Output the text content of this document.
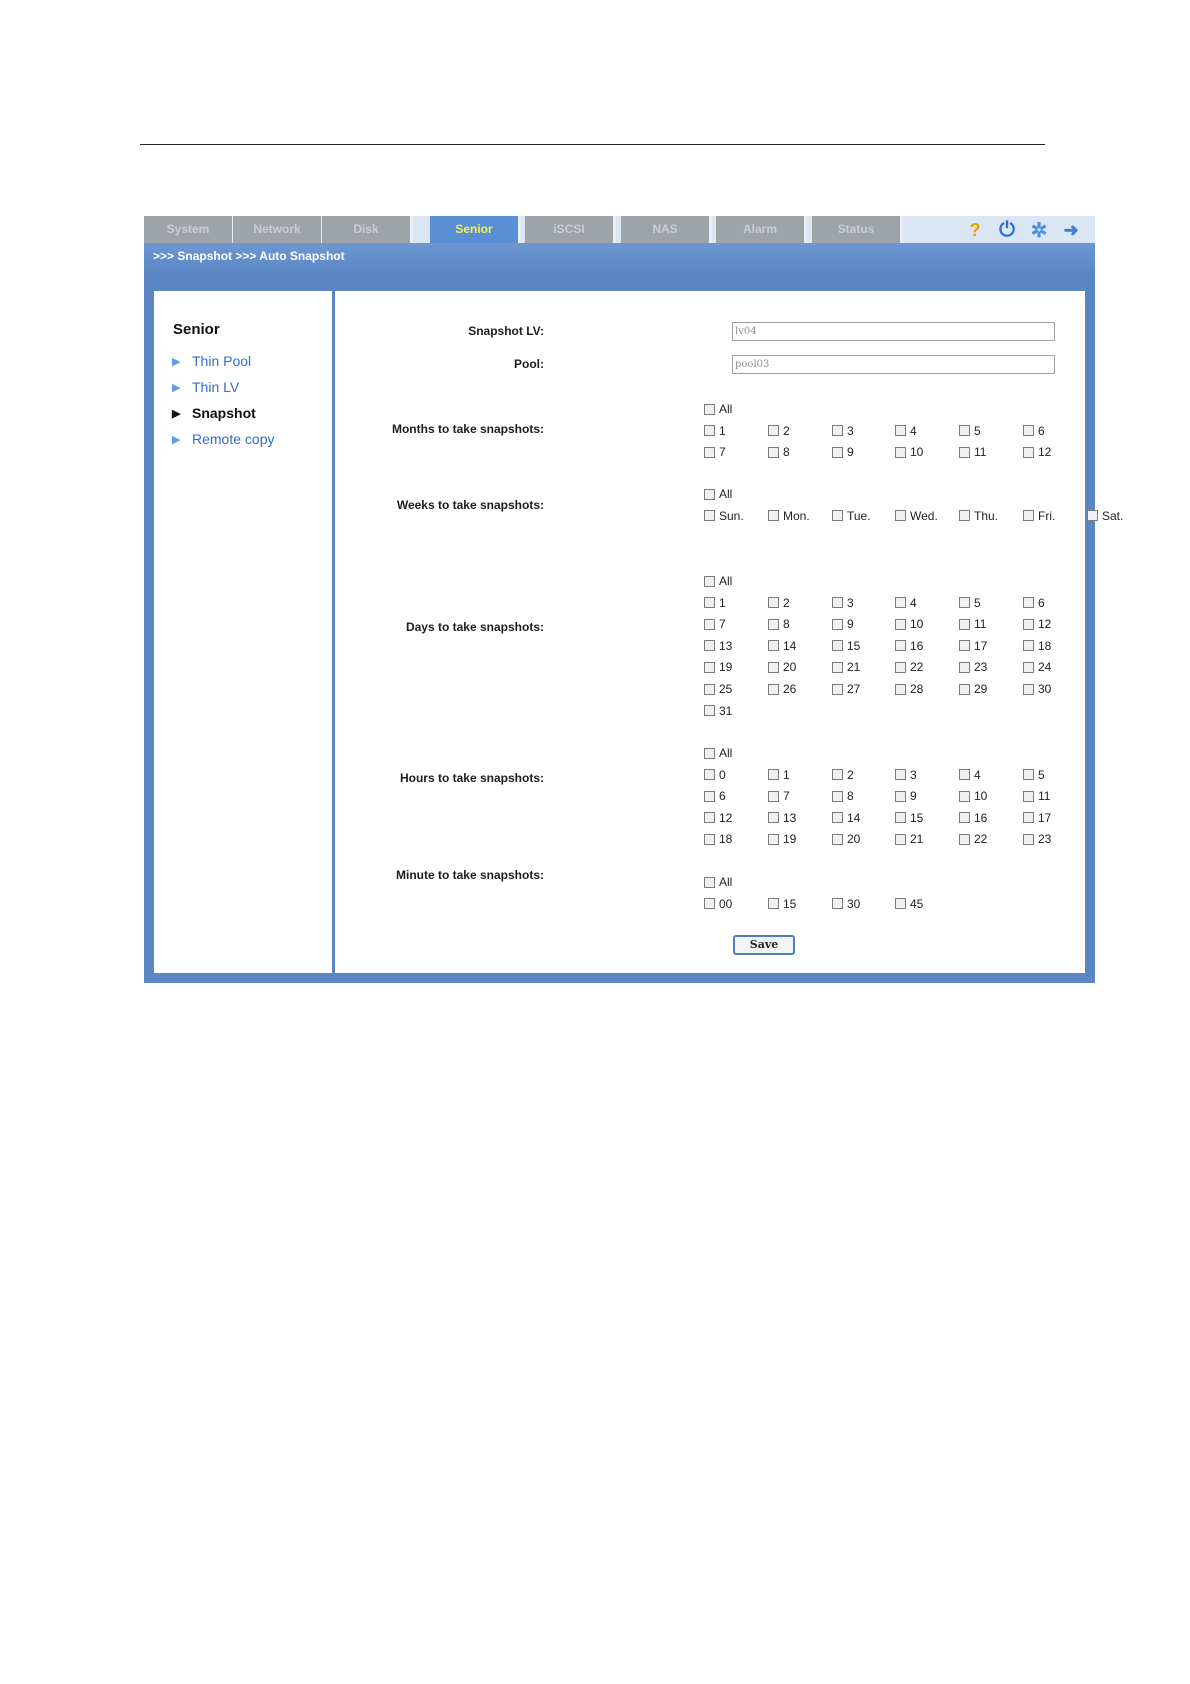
System	Network	Disk	Senior	iSCSI	NAS	Alarm	Status	? ⏻ ✲ ➜
>>> Snapshot >>> Auto Snapshot
Senior
▶ Thin Pool
▶ Thin LV
▶ Snapshot
▶ Remote copy
Snapshot LV:
lv04
Pool:
pool03
Months to take snapshots:
All
1	2	3	4	5	6
7	8	9	10	11	12
Weeks to take snapshots:
All
Sun.	Mon.	Tue.	Wed.	Thu.	Fri.	Sat.
Days to take snapshots:
All
1	2	3	4	5	6
7	8	9	10	11	12
13	14	15	16	17	18
19	20	21	22	23	24
25	26	27	28	29	30
31
Hours to take snapshots:
All
0	1	2	3	4	5
6	7	8	9	10	11
12	13	14	15	16	17
18	19	20	21	22	23
Minute to take snapshots:	All
00	15	30	45
Save
